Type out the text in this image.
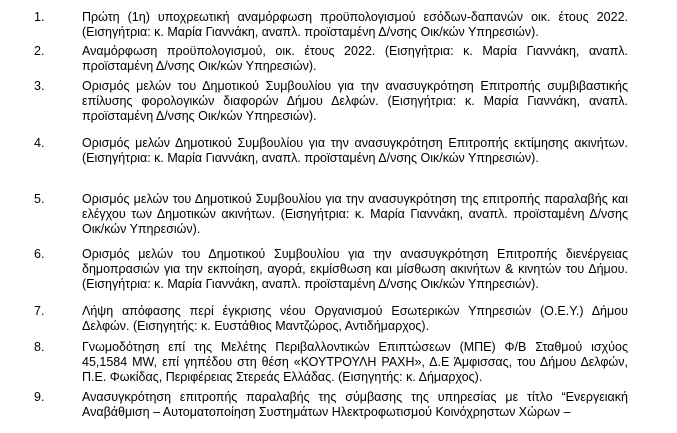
1.	Πρώτη (1η) υποχρεωτική αναμόρφωση προϋπολογισμού εσόδων-δαπανών οικ. έτους 2022. (Εισηγήτρια: κ. Μαρία Γιαννάκη, αναπλ. προϊσταμένη Δ/νσης Οικ/κών Υπηρεσιών).
2.	Αναμόρφωση προϋπολογισμού, οικ. έτους 2022. (Εισηγήτρια: κ. Μαρία Γιαννάκη, αναπλ. προϊσταμένη Δ/νσης Οικ/κών Υπηρεσιών).
3.	Ορισμός μελών του Δημοτικού Συμβουλίου για την ανασυγκρότηση Επιτροπής συμβιβαστικής επίλυσης φορολογικών διαφορών Δήμου Δελφών. (Εισηγήτρια: κ. Μαρία Γιαννάκη, αναπλ. προϊσταμένη Δ/νσης Οικ/κών Υπηρεσιών).
4.	Ορισμός μελών Δημοτικού Συμβουλίου για την ανασυγκρότηση Επιτροπής εκτίμησης ακινήτων. (Εισηγήτρια: κ. Μαρία Γιαννάκη, αναπλ. προϊσταμένη Δ/νσης Οικ/κών Υπηρεσιών).
5.	Ορισμός μελών του Δημοτικού Συμβουλίου για την ανασυγκρότηση της επιτροπής παραλαβής και ελέγχου των Δημοτικών ακινήτων. (Εισηγήτρια: κ. Μαρία Γιαννάκη, αναπλ. προϊσταμένη Δ/νσης Οικ/κών Υπηρεσιών).
6.	Ορισμός μελών του Δημοτικού Συμβουλίου για την ανασυγκρότηση Επιτροπής διενέργειας δημοπρασιών για την εκποίηση, αγορά, εκμίσθωση και μίσθωση ακινήτων & κινητών του Δήμου. (Εισηγήτρια: κ. Μαρία Γιαννάκη, αναπλ. προϊσταμένη Δ/νσης Οικ/κών Υπηρεσιών).
7.	Λήψη απόφασης περί έγκρισης νέου Οργανισμού Εσωτερικών Υπηρεσιών (Ο.Ε.Υ.) Δήμου Δελφών. (Εισηγητής: κ. Ευστάθιος Μαντζώρος, Αντιδήμαρχος).
8.	Γνωμοδότηση επί της Μελέτης Περιβαλλοντικών Επιπτώσεων (ΜΠΕ) Φ/Β Σταθμού ισχύος 45,1584 MW, επί γηπέδου στη θέση «ΚΟΥΤΡΟΥΛΗ ΡΑΧΗ», Δ.Ε Άμφισσας, του Δήμου Δελφών, Π.Ε. Φωκίδας, Περιφέρειας Στερεάς Ελλάδας. (Εισηγητής: κ. Δήμαρχος).
9.	Ανασυγκρότηση επιτροπής παραλαβής της σύμβασης της υπηρεσίας με τίτλο “Ενεργειακή Αναβάθμιση – Αυτοματοποίηση Συστημάτων Ηλεκτροφωτισμού Κοινόχρηστων Χώρων –
